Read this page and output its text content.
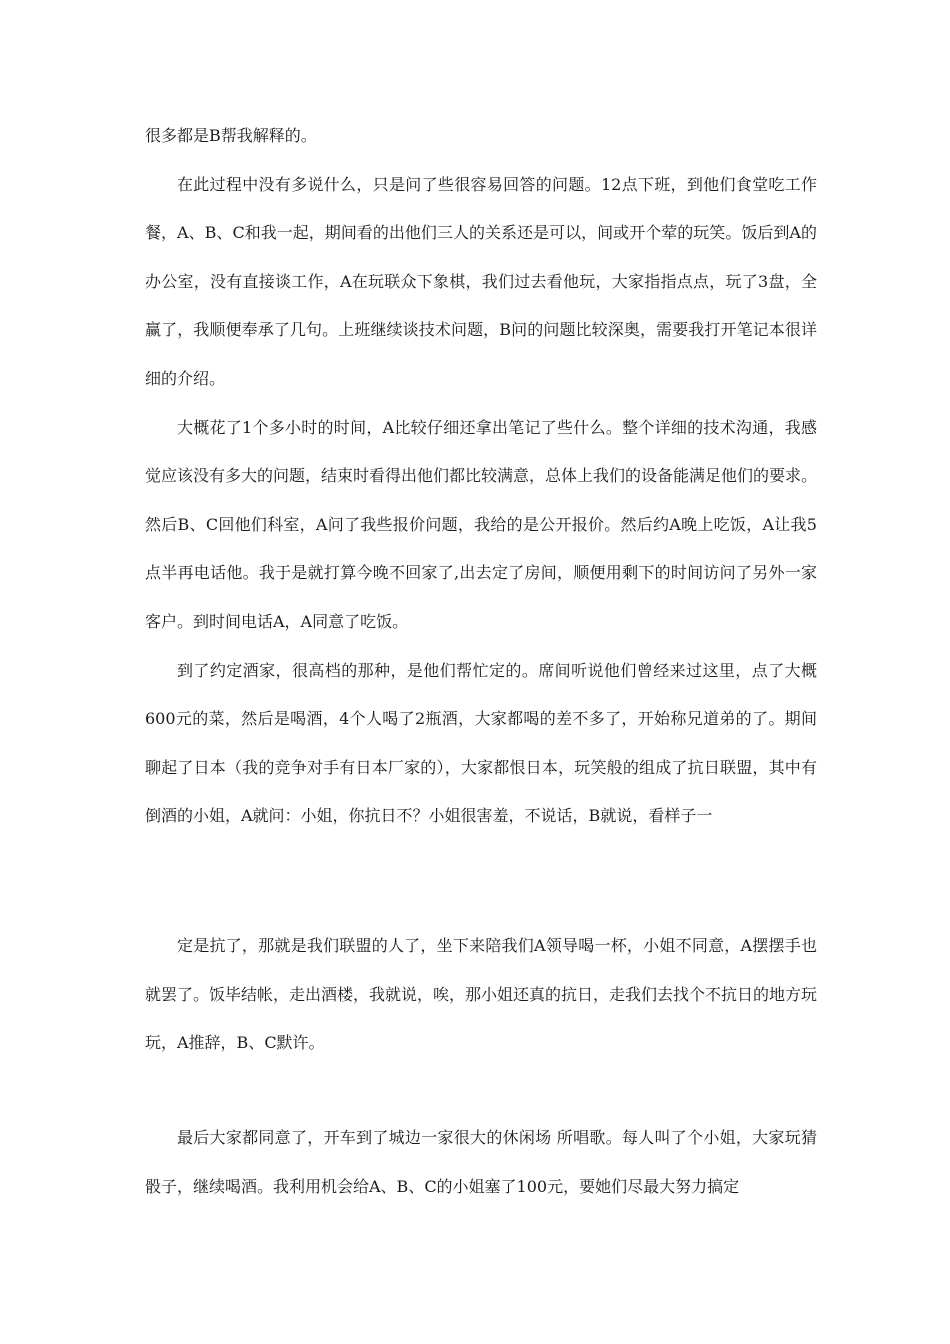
很多都是B帮我解释的。

在此过程中没有多说什么，只是问了些很容易回答的问题。12点下班，到他们食堂吃工作餐，A、B、C和我一起，期间看的出他们三人的关系还是可以，间或开个荤的玩笑。饭后到A的办公室，没有直接谈工作，A在玩联众下象棋，我们过去看他玩，大家指指点点，玩了3盘，全赢了，我顺便奉承了几句。上班继续谈技术问题，B问的问题比较深奥，需要我打开笔记本很详细的介绍。

大概花了1个多小时的时间，A比较仔细还拿出笔记了些什么。整个详细的技术沟通，我感觉应该没有多大的问题，结束时看得出他们都比较满意，总体上我们的设备能满足他们的要求。然后B、C回他们科室，A问了我些报价问题，我给的是公开报价。然后约A晚上吃饭，A让我5点半再电话他。我于是就打算今晚不回家了,出去定了房间，顺便用剩下的时间访问了另外一家客户。到时间电话A，A同意了吃饭。

到了约定酒家，很高档的那种，是他们帮忙定的。席间听说他们曾经来过这里，点了大概600元的菜，然后是喝酒，4个人喝了2瓶酒，大家都喝的差不多了，开始称兄道弟的了。期间聊起了日本（我的竞争对手有日本厂家的），大家都恨日本，玩笑般的组成了抗日联盟，其中有倒酒的小姐，A就问：小姐，你抗日不？小姐很害羞，不说话，B就说，看样子一

定是抗了，那就是我们联盟的人了，坐下来陪我们A领导喝一杯，小姐不同意，A摆摆手也就罢了。饭毕结帐，走出酒楼，我就说，唉，那小姐还真的抗日，走我们去找个不抗日的地方玩玩，A推辞，B、C默许。

最后大家都同意了，开车到了城边一家很大的休闲场 所唱歌。每人叫了个小姐，大家玩猜骰子，继续喝酒。我利用机会给A、B、C的小姐塞了100元，要她们尽最大努力搞定
